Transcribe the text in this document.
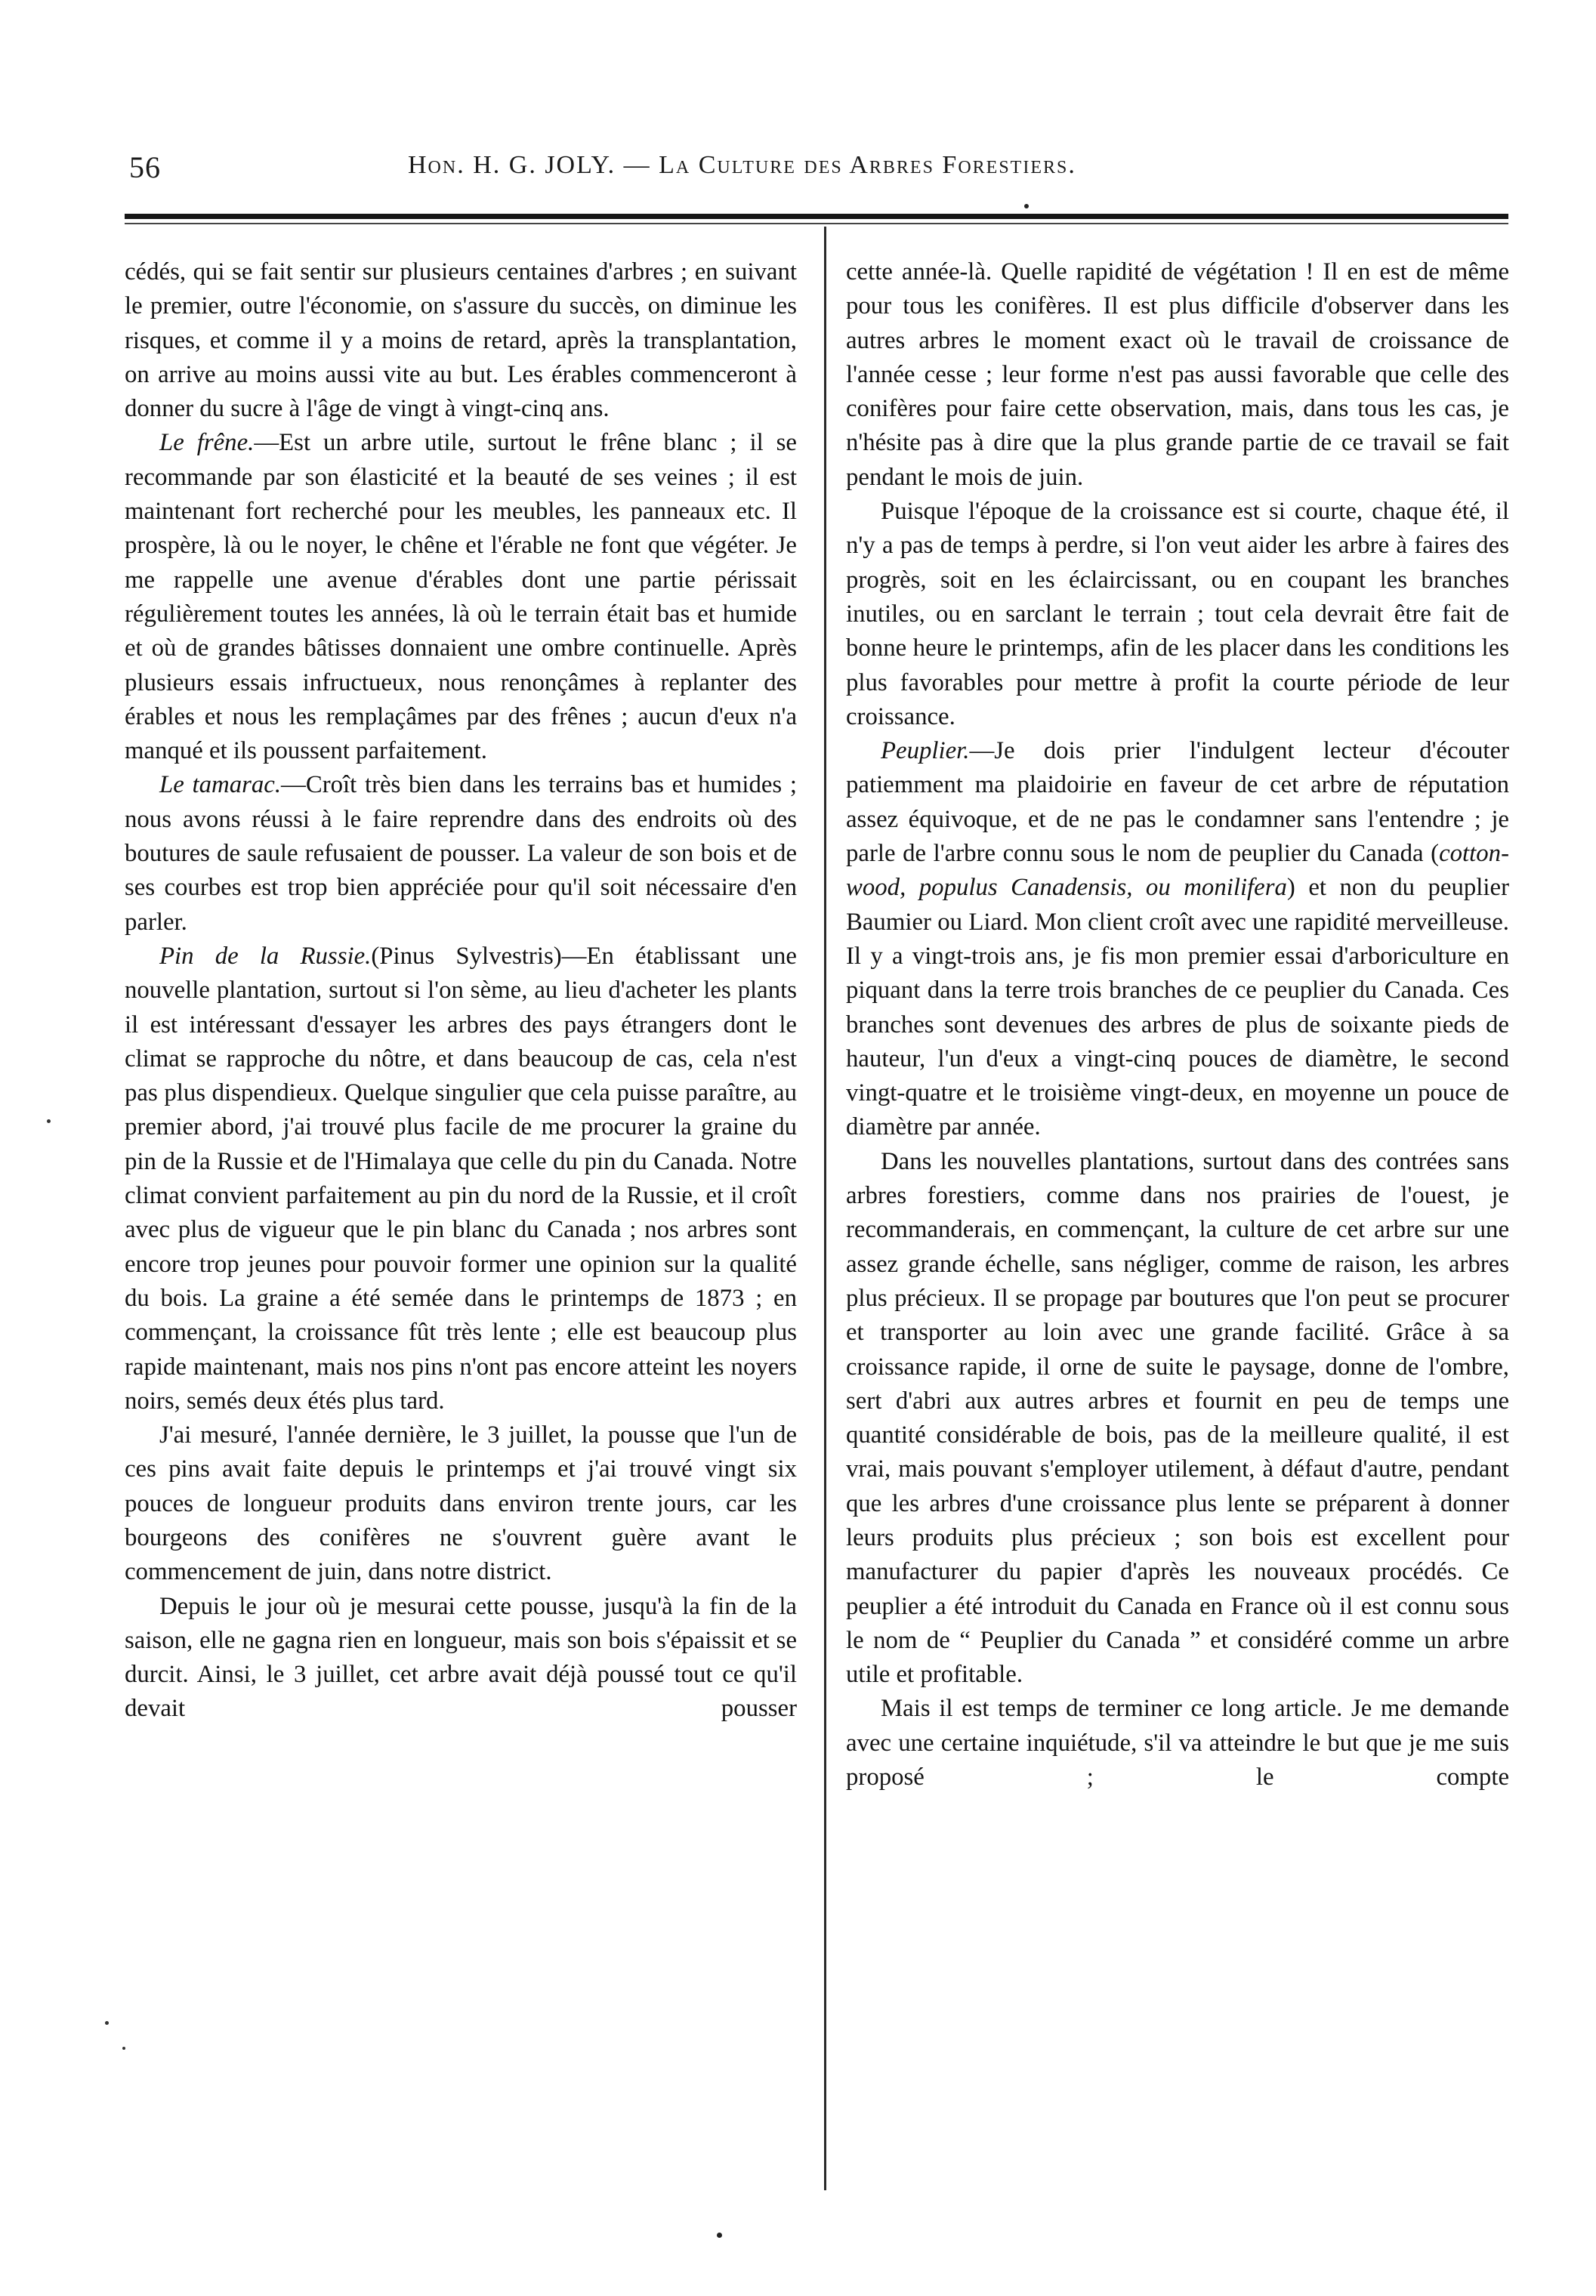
56	Hon. H. G. JOLY. — La Culture des Arbres Forestiers.

cédés, qui se fait sentir sur plusieurs centaines d'arbres ; en suivant le premier, outre l'économie, on s'assure du succès, on diminue les risques, et comme il y a moins de retard, après la transplantation, on arrive au moins aussi vite au but. Les érables commenceront à donner du sucre à l'âge de vingt à vingt-cinq ans.

Le frêne.—Est un arbre utile, surtout le frêne blanc ; il se recommande par son élasticité et la beauté de ses veines ; il est maintenant fort recherché pour les meubles, les panneaux etc. Il prospère, là ou le noyer, le chêne et l'érable ne font que végéter. Je me rappelle une avenue d'érables dont une partie périssait régulièrement toutes les années, là où le terrain était bas et humide et où de grandes bâtisses donnaient une ombre continuelle. Après plusieurs essais infructueux, nous renonçâmes à replanter des érables et nous les remplaçâmes par des frênes ; aucun d'eux n'a manqué et ils poussent parfaitement.

Le tamarac.—Croît très bien dans les terrains bas et humides ; nous avons réussi à le faire reprendre dans des endroits où des boutures de saule refusaient de pousser. La valeur de son bois et de ses courbes est trop bien appréciée pour qu'il soit nécessaire d'en parler.

Pin de la Russie.(Pinus Sylvestris)—En établissant une nouvelle plantation, surtout si l'on sème, au lieu d'acheter les plants il est intéressant d'essayer les arbres des pays étrangers dont le climat se rapproche du nôtre, et dans beaucoup de cas, cela n'est pas plus dispendieux. Quelque singulier que cela puisse paraître, au premier abord, j'ai trouvé plus facile de me procurer la graine du pin de la Russie et de l'Himalaya que celle du pin du Canada. Notre climat convient parfaitement au pin du nord de la Russie, et il croît avec plus de vigueur que le pin blanc du Canada ; nos arbres sont encore trop jeunes pour pouvoir former une opinion sur la qualité du bois. La graine a été semée dans le printemps de 1873 ; en commençant, la croissance fût très lente ; elle est beaucoup plus rapide maintenant, mais nos pins n'ont pas encore atteint les noyers noirs, semés deux étés plus tard.

J'ai mesuré, l'année dernière, le 3 juillet, la pousse que l'un de ces pins avait faite depuis le printemps et j'ai trouvé vingt six pouces de longueur produits dans environ trente jours, car les bourgeons des conifères ne s'ouvrent guère avant le commencement de juin, dans notre district.

Depuis le jour où je mesurai cette pousse, jusqu'à la fin de la saison, elle ne gagna rien en longueur, mais son bois s'épaissit et se durcit. Ainsi, le 3 juillet, cet arbre avait déjà poussé tout ce qu'il devait pousser

cette année-là. Quelle rapidité de végétation ! Il en est de même pour tous les conifères. Il est plus difficile d'observer dans les autres arbres le moment exact où le travail de croissance de l'année cesse ; leur forme n'est pas aussi favorable que celle des conifères pour faire cette observation, mais, dans tous les cas, je n'hésite pas à dire que la plus grande partie de ce travail se fait pendant le mois de juin.

Puisque l'époque de la croissance est si courte, chaque été, il n'y a pas de temps à perdre, si l'on veut aider les arbre à faires des progrès, soit en les éclaircissant, ou en coupant les branches inutiles, ou en sarclant le terrain ; tout cela devrait être fait de bonne heure le printemps, afin de les placer dans les conditions les plus favorables pour mettre à profit la courte période de leur croissance.

Peuplier.—Je dois prier l'indulgent lecteur d'écouter patiemment ma plaidoirie en faveur de cet arbre de réputation assez équivoque, et de ne pas le condamner sans l'entendre ; je parle de l'arbre connu sous le nom de peuplier du Canada (cotton-wood, populus Canadensis, ou monilifera) et non du peuplier Baumier ou Liard. Mon client croît avec une rapidité merveilleuse. Il y a vingt-trois ans, je fis mon premier essai d'arboriculture en piquant dans la terre trois branches de ce peuplier du Canada. Ces branches sont devenues des arbres de plus de soixante pieds de hauteur, l'un d'eux a vingt-cinq pouces de diamètre, le second vingt-quatre et le troisième vingt-deux, en moyenne un pouce de diamètre par année.

Dans les nouvelles plantations, surtout dans des contrées sans arbres forestiers, comme dans nos prairies de l'ouest, je recommanderais, en commençant, la culture de cet arbre sur une assez grande échelle, sans négliger, comme de raison, les arbres plus précieux. Il se propage par boutures que l'on peut se procurer et transporter au loin avec une grande facilité. Grâce à sa croissance rapide, il orne de suite le paysage, donne de l'ombre, sert d'abri aux autres arbres et fournit en peu de temps une quantité considérable de bois, pas de la meilleure qualité, il est vrai, mais pouvant s'employer utilement, à défaut d'autre, pendant que les arbres d'une croissance plus lente se préparent à donner leurs produits plus précieux ; son bois est excellent pour manufacturer du papier d'après les nouveaux procédés. Ce peuplier a été introduit du Canada en France où il est connu sous le nom de “ Peuplier du Canada ” et considéré comme un arbre utile et profitable.

Mais il est temps de terminer ce long article. Je me demande avec une certaine inquiétude, s'il va atteindre le but que je me suis proposé ; le compte
